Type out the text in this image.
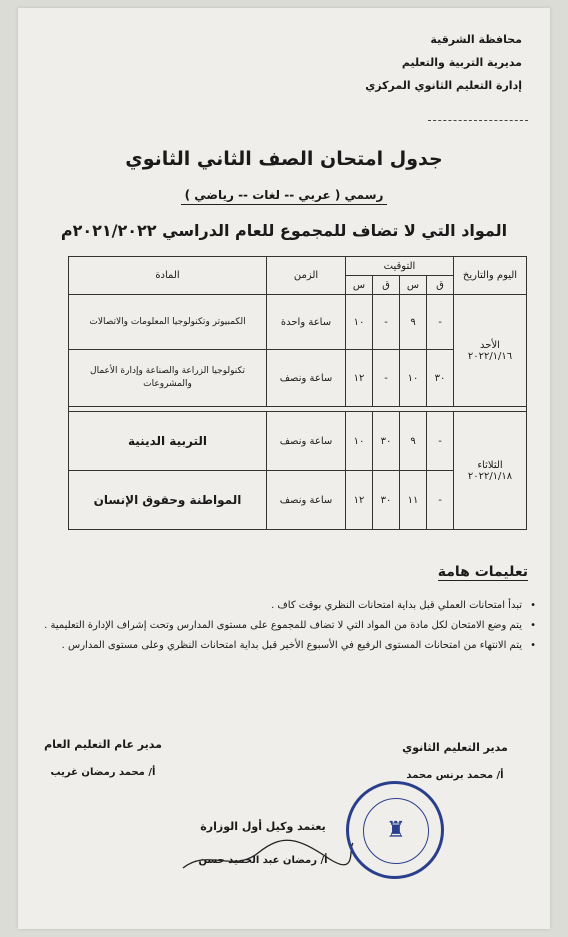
محافظة الشرقية
مديرية التربية والتعليم
إدارة التعليم الثانوي المركزي
جدول امتحان الصف الثاني الثانوي
رسمي ( عربي -- لغات -- رياضي )
المواد التي لا تضاف للمجموع للعام الدراسي ٢٠٢١/٢٠٢٢م
اليوم والتاريخ	التوقيت				الزمن	المادة
	ق	س	ق	س		

الأحد
٢٠٢٢/١/١٦	-	٩	-	١٠	ساعة واحدة	الكمبيوتر وتكنولوجيا المعلومات والاتصالات
	٣٠	١٠	-	١٢	ساعة ونصف	تكنولوجيا الزراعة والصناعة وإدارة الأعمال والمشروعات

الثلاثاء
٢٠٢٢/١/١٨	-	٩	٣٠	١٠	ساعة ونصف	التربية الدينية
	-	١١	٣٠	١٢	ساعة ونصف	المواطنة وحقوق الإنسان
تعليمات هامة
•
تبدأ امتحانات العملي قبل بداية امتحانات النظري بوقت كاف .
•
يتم وضع الامتحان لكل مادة من المواد التي لا تضاف للمجموع على مستوى المدارس وتحت إشراف الإدارة التعليمية .
•
يتم الانتهاء من امتحانات المستوى الرفيع في الأسبوع الأخير قبل بداية امتحانات النظري وعلى مستوى المدارس .
مدير التعليم الثانوي
أ/ محمد برنس محمد
مدير عام التعليم العام
أ/ محمد رمضان غريب
يعتمد وكيل أول الوزارة
أ/ رمضان عبد الحميد حسن
♜
